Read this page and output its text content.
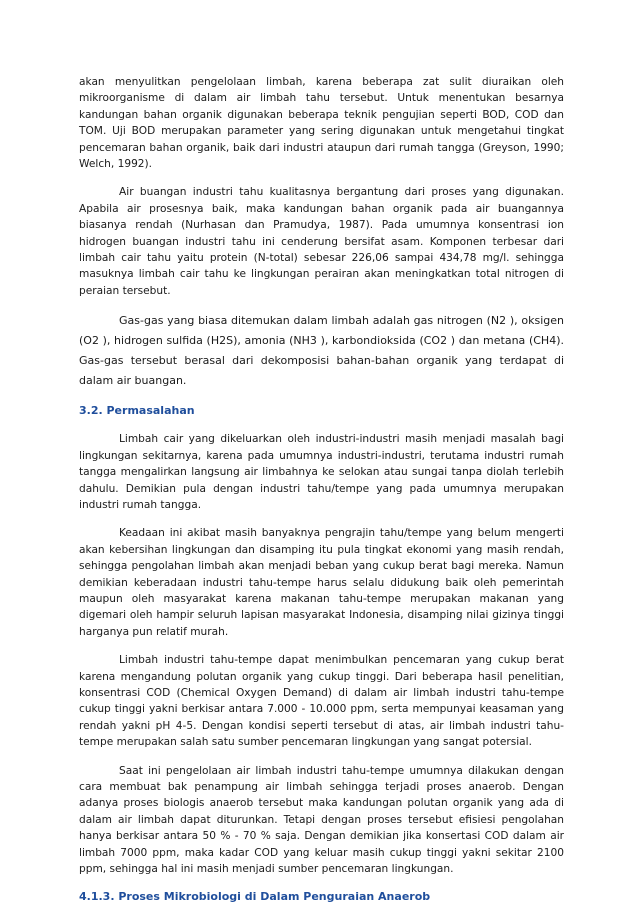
akan menyulitkan pengelolaan limbah, karena beberapa zat sulit diuraikan oleh mikroorganisme di dalam air limbah tahu tersebut. Untuk menentukan besarnya kandungan bahan organik digunakan beberapa teknik pengujian seperti BOD, COD dan TOM. Uji BOD merupakan parameter yang sering digunakan untuk mengetahui tingkat pencemaran bahan organik, baik dari industri ataupun dari rumah tangga (Greyson, 1990; Welch, 1992).

Air buangan industri tahu kualitasnya bergantung dari proses yang digunakan. Apabila air prosesnya baik, maka kandungan bahan organik pada air buangannya biasanya rendah (Nurhasan dan Pramudya, 1987). Pada umumnya konsentrasi ion hidrogen buangan industri tahu ini cenderung bersifat asam. Komponen terbesar dari limbah cair tahu yaitu protein (N-total) sebesar 226,06 sampai 434,78 mg/l. sehingga masuknya limbah cair tahu ke lingkungan perairan akan meningkatkan total nitrogen di peraian tersebut.

Gas-gas yang biasa ditemukan dalam limbah adalah gas nitrogen (N2 ), oksigen (O2 ), hidrogen sulfida (H2S), amonia (NH3 ), karbondioksida (CO2 ) dan metana (CH4). Gas-gas tersebut berasal dari dekomposisi bahan-bahan organik yang terdapat di dalam air buangan.

3.2. Permasalahan

Limbah cair yang dikeluarkan oleh industri-industri masih menjadi masalah bagi lingkungan sekitarnya, karena pada umumnya industri-industri, terutama industri rumah tangga mengalirkan langsung air limbahnya ke selokan atau sungai tanpa diolah terlebih dahulu. Demikian pula dengan industri tahu/tempe yang pada umumnya merupakan industri rumah tangga.

Keadaan ini akibat masih banyaknya pengrajin tahu/tempe yang belum mengerti akan kebersihan lingkungan dan disamping itu pula tingkat ekonomi yang masih rendah, sehingga pengolahan limbah akan menjadi beban yang cukup berat bagi mereka. Namun demikian keberadaan industri tahu-tempe harus selalu didukung baik oleh pemerintah maupun oleh masyarakat karena makanan tahu-tempe merupakan makanan yang digemari oleh hampir seluruh lapisan masyarakat Indonesia, disamping nilai gizinya tinggi harganya pun relatif murah.

Limbah industri tahu-tempe dapat menimbulkan pencemaran yang cukup berat karena mengandung polutan organik yang cukup tinggi. Dari beberapa hasil penelitian, konsentrasi COD (Chemical Oxygen Demand) di dalam air limbah industri tahu-tempe cukup tinggi yakni berkisar antara 7.000 - 10.000 ppm, serta mempunyai keasaman yang rendah yakni pH 4-5. Dengan kondisi seperti tersebut di atas, air limbah industri tahu-tempe merupakan salah satu sumber pencemaran lingkungan yang sangat potersial.

Saat ini pengelolaan air limbah industri tahu-tempe umumnya dilakukan dengan cara membuat bak penampung air limbah sehingga terjadi proses anaerob. Dengan adanya proses biologis anaerob tersebut maka kandungan polutan organik yang ada di dalam air limbah dapat diturunkan. Tetapi dengan proses tersebut efisiesi pengolahan hanya berkisar antara 50 % - 70 % saja. Dengan demikian jika konsertasi COD dalam air limbah 7000 ppm, maka kadar COD yang keluar masih cukup tinggi yakni sekitar 2100 ppm, sehingga hal ini masih menjadi sumber pencemaran lingkungan.

4.1.3. Proses Mikrobiologi di Dalam Penguraian Anaerob
